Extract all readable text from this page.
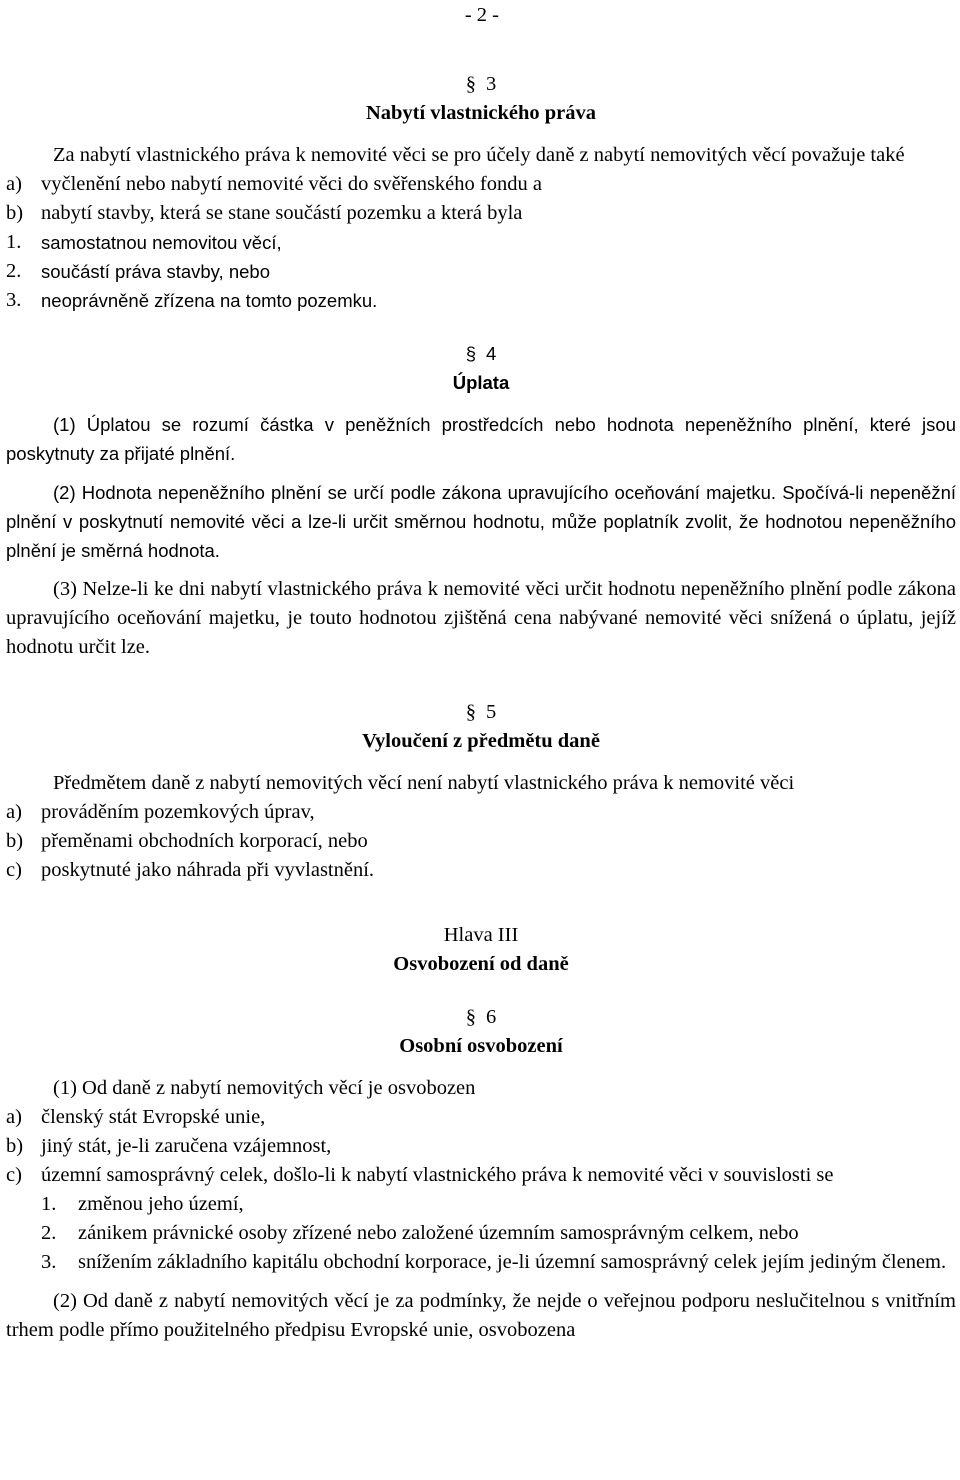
- 2 -

§ 3

Nabytí vlastnického práva

Za nabytí vlastnického práva k nemovité věci se pro účely daně z nabytí nemovitých věcí považuje také

a) vyčlenění nebo nabytí nemovité věci do svěřenského fondu a
b) nabytí stavby, která se stane součástí pozemku a která byla
1.	samostatnou nemovitou věcí,
2.	součástí práva stavby, nebo
3.	neoprávněně zřízena na tomto pozemku.

§ 4

Úplata

(1) Úplatou se rozumí částka v peněžních prostředcích nebo hodnota nepeněžního plnění, které jsou poskytnuty za přijaté plnění.

(2) Hodnota nepeněžního plnění se určí podle zákona upravujícího oceňování majetku. Spočívá-li nepeněžní plnění v poskytnutí nemovité věci a lze-li určit směrnou hodnotu, může poplatník zvolit, že hodnotou nepeněžního plnění je směrná hodnota.

(3) Nelze-li ke dni nabytí vlastnického práva k nemovité věci určit hodnotu nepeněžního plnění podle zákona upravujícího oceňování majetku, je touto hodnotou zjištěná cena nabývané nemovité věci snížená o úplatu, jejíž hodnotu určit lze.

§ 5

Vyloučení z předmětu daně

Předmětem daně z nabytí nemovitých věcí není nabytí vlastnického práva k nemovité věci

a) prováděním pozemkových úprav,
b) přeměnami obchodních korporací, nebo
c) poskytnuté jako náhrada při vyvlastnění.

Hlava III

Osvobození od daně

§ 6

Osobní osvobození

(1) Od daně z nabytí nemovitých věcí je osvobozen

a) členský stát Evropské unie,
b) jiný stát, je-li zaručena vzájemnost,
c) územní samosprávný celek, došlo-li k nabytí vlastnického práva k nemovité věci v souvislosti se
1.	změnou jeho území,
2.	zánikem právnické osoby zřízené nebo založené územním samosprávným celkem, nebo
3.	snížením základního kapitálu obchodní korporace, je-li územní samosprávný celek jejím jediným členem.

(2) Od daně z nabytí nemovitých věcí je za podmínky, že nejde o veřejnou podporu neslučitelnou s vnitřním trhem podle přímo použitelného předpisu Evropské unie, osvobozena
